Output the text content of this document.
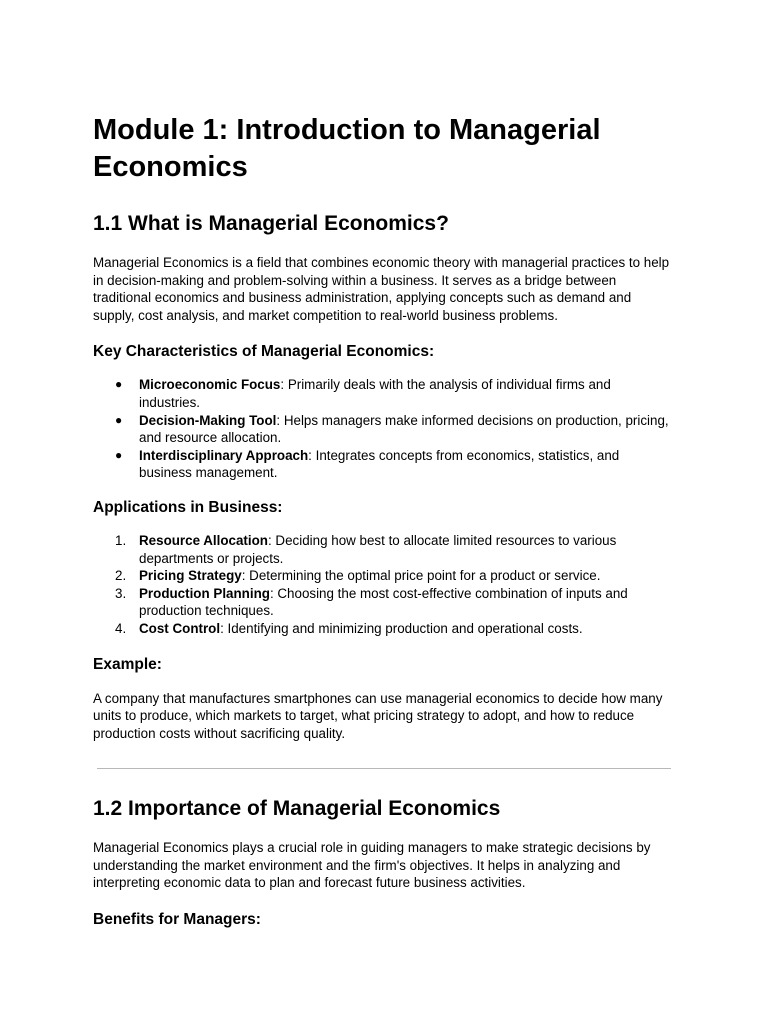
Module 1: Introduction to Managerial Economics
1.1 What is Managerial Economics?

Managerial Economics is a field that combines economic theory with managerial practices to help in decision-making and problem-solving within a business. It serves as a bridge between traditional economics and business administration, applying concepts such as demand and supply, cost analysis, and market competition to real-world business problems.

Key Characteristics of Managerial Economics:
● Microeconomic Focus: Primarily deals with the analysis of individual firms and industries.
● Decision-Making Tool: Helps managers make informed decisions on production, pricing, and resource allocation.
● Interdisciplinary Approach: Integrates concepts from economics, statistics, and business management.
Applications in Business:
1. Resource Allocation: Deciding how best to allocate limited resources to various departments or projects.
2. Pricing Strategy: Determining the optimal price point for a product or service.
3. Production Planning: Choosing the most cost-effective combination of inputs and production techniques.
4. Cost Control: Identifying and minimizing production and operational costs.
Example:

A company that manufactures smartphones can use managerial economics to decide how many units to produce, which markets to target, what pricing strategy to adopt, and how to reduce production costs without sacrificing quality.

1.2 Importance of Managerial Economics

Managerial Economics plays a crucial role in guiding managers to make strategic decisions by understanding the market environment and the firm's objectives. It helps in analyzing and interpreting economic data to plan and forecast future business activities.

Benefits for Managers:
